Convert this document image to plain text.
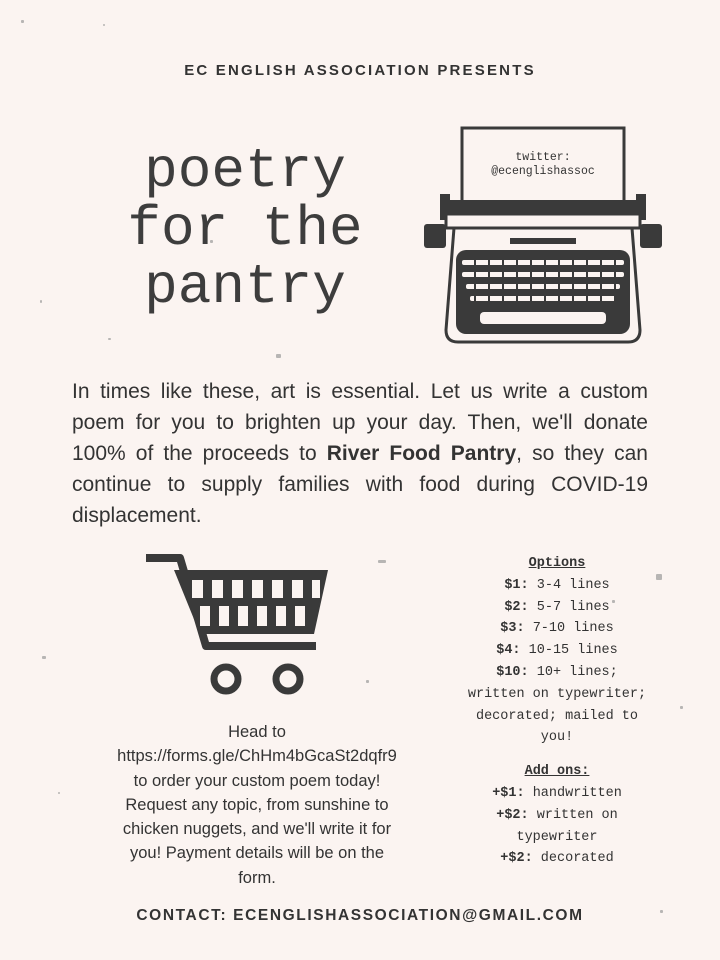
EC ENGLISH ASSOCIATION PRESENTS
poetry
for the
pantry
twitter:
@ecenglishassoc
In times like these, art is essential. Let us write a custom poem for you to brighten up your day. Then, we'll donate 100% of the proceeds to River Food Pantry, so they can continue to supply families with food during COVID-19 displacement.
Head to
https://forms.gle/ChHm4bGcaSt2dqfr9
to order your custom poem today!
Request any topic, from sunshine to
chicken nuggets, and we'll write it for
you! Payment details will be on the
form.
Options
$1: 3-4 lines
$2: 5-7 lines
$3: 7-10 lines
$4: 10-15 lines
$10: 10+ lines;
written on typewriter;
decorated; mailed to
you!
Add ons:
+$1: handwritten
+$2: written on
typewriter
+$2: decorated
CONTACT: ECENGLISHASSOCIATION@GMAIL.COM
